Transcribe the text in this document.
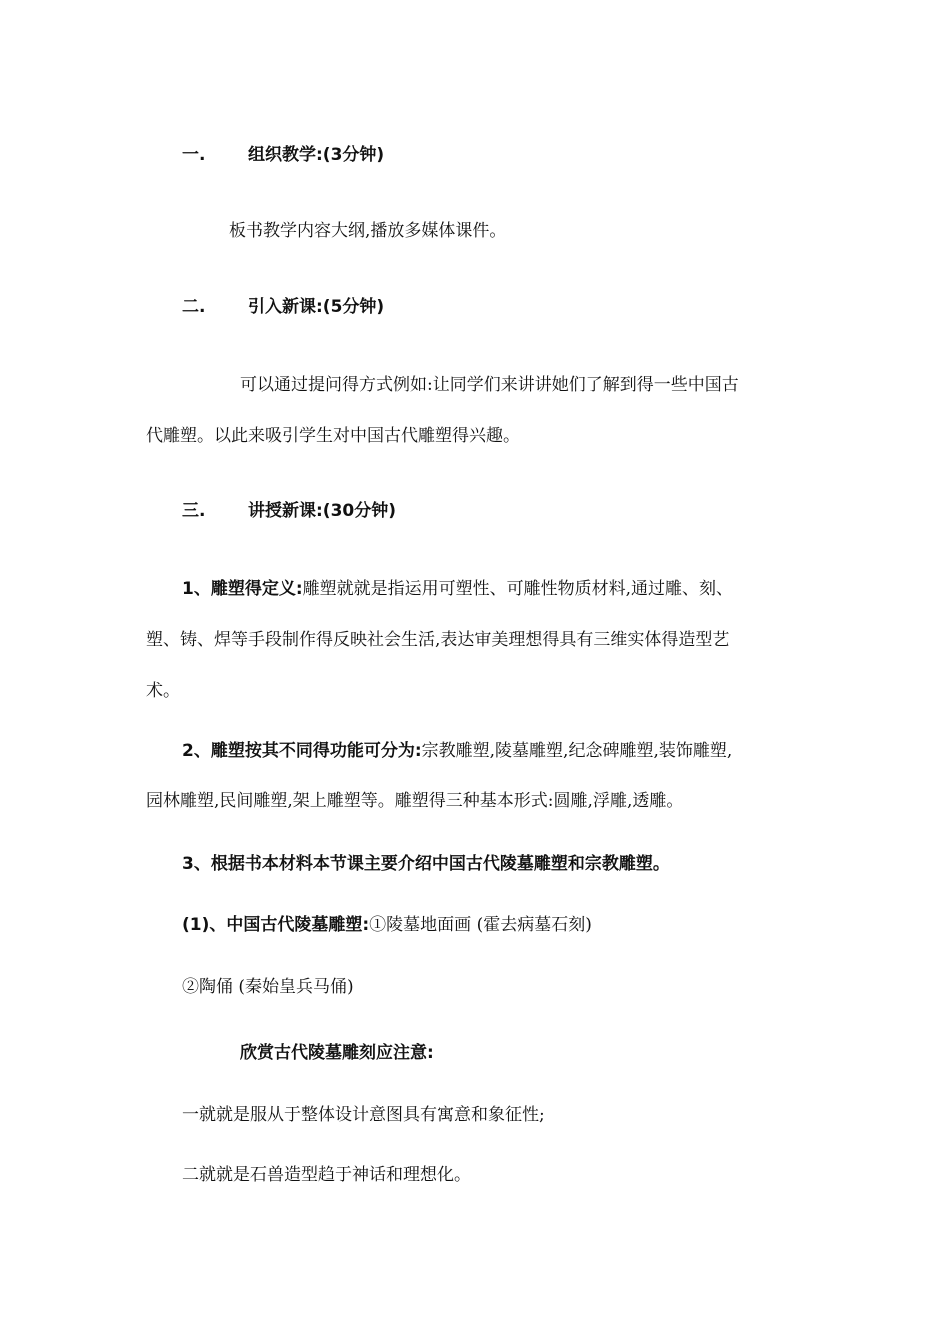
一.	组织教学:(3分钟)
板书教学内容大纲,播放多媒体课件。
二.	引入新课:(5分钟)
可以通过提问得方式例如:让同学们来讲讲她们了解到得一些中国古
代雕塑。以此来吸引学生对中国古代雕塑得兴趣。
三.	讲授新课:(30分钟)
1、雕塑得定义:雕塑就就是指运用可塑性、可雕性物质材料,通过雕、刻、
塑、铸、焊等手段制作得反映社会生活,表达审美理想得具有三维实体得造型艺
术。
2、雕塑按其不同得功能可分为:宗教雕塑,陵墓雕塑,纪念碑雕塑,装饰雕塑,
园林雕塑,民间雕塑,架上雕塑等。雕塑得三种基本形式:圆雕,浮雕,透雕。
3、根据书本材料本节课主要介绍中国古代陵墓雕塑和宗教雕塑。
(1)、中国古代陵墓雕塑:①陵墓地面画 (霍去病墓石刻)
②陶俑 (秦始皇兵马俑)
欣赏古代陵墓雕刻应注意:
一就就是服从于整体设计意图具有寓意和象征性;
二就就是石兽造型趋于神话和理想化。
